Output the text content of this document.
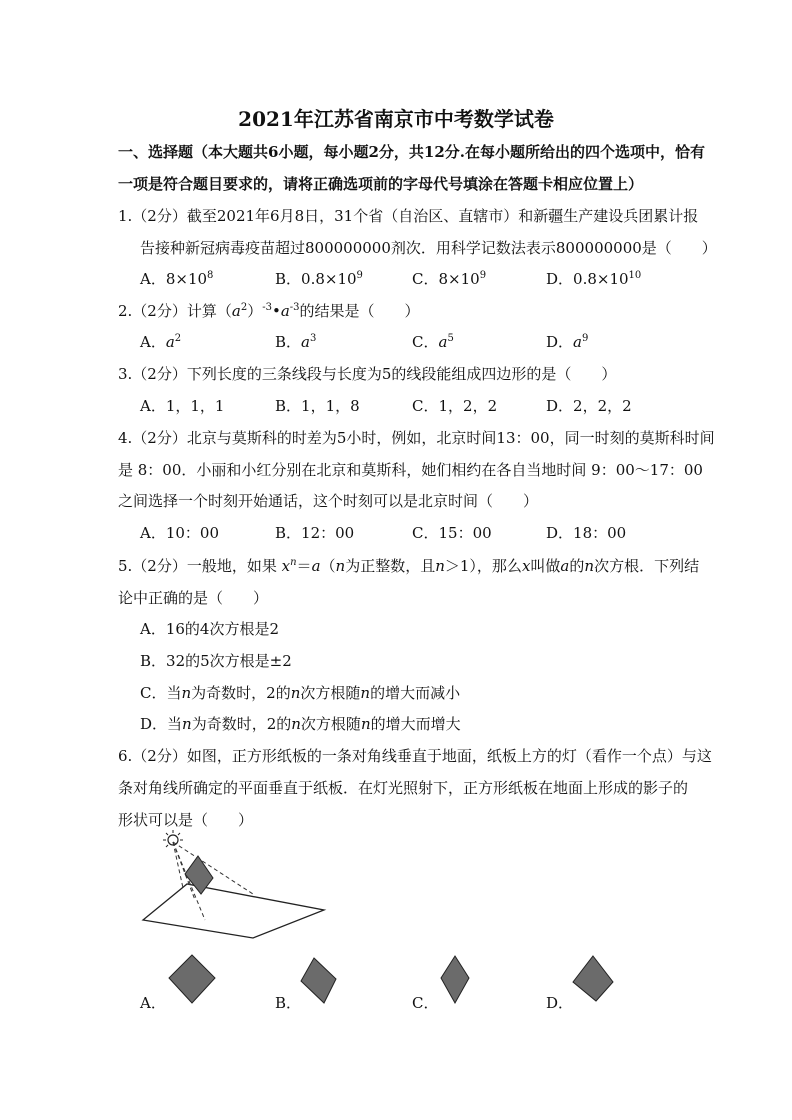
2021年江苏省南京市中考数学试卷
一、选择题（本大题共6小题，每小题2分，共12分.在每小题所给出的四个选项中，恰有
一项是符合题目要求的，请将正确选项前的字母代号填涂在答题卡相应位置上）
1.（2分）截至2021年6月8日，31个省（自治区、直辖市）和新疆生产建设兵团累计报
告接种新冠病毒疫苗超过800000000剂次．用科学记数法表示800000000是（　　）
A．$8\times 10^8$	B．$0.8\times 10^9$	C．$8\times 10^9$	D．$0.8\times 10^{10}$
2.（2分）计算$(a^2)^{-3}•a^{-3}$的结果是（　　）
A．$a^2$	B．$a^3$	C．$a^5$	D．$a^9$
3.（2分）下列长度的三条线段与长度为5的线段能组成四边形的是（　　）
A．1，1，1	B．1，1，8	C．1，2，2	D．2，2，2
4.（2分）北京与莫斯科的时差为5小时，例如，北京时间13：00，同一时刻的莫斯科时间
是 8：00．小丽和小红分别在北京和莫斯科，她们相约在各自当地时间 9：00～17：00
之间选择一个时刻开始通话，这个时刻可以是北京时间（　　）
A．10：00	B．12：00	C．15：00	D．18：00
5.（2分）一般地，如果 $x^n=a(n$为正整数，且n＞1），那么x叫做a的n次方根．下列结
论中正确的是（　　）
A．16的4次方根是2
B．32的5次方根是±2
C．当n为奇数时，2的n次方根随n的增大而减小
D．当n为奇数时，2的n次方根随n的增大而增大
6.（2分）如图，正方形纸板的一条对角线垂直于地面，纸板上方的灯（看作一个点）与这
条对角线所确定的平面垂直于纸板．在灯光照射下，正方形纸板在地面上形成的影子的
形状可以是（　　）
A．	B．	C．	D．
